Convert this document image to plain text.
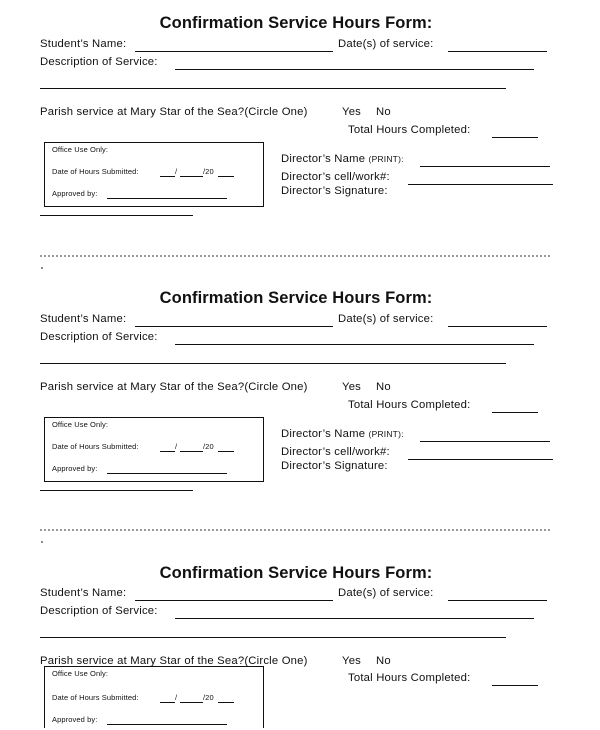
Confirmation Service Hours Form:
Student’s Name:	Date(s) of service:
Description of Service:
Parish service at Mary Star of the Sea?(Circle One)	Yes No
Total Hours Completed:
Office Use Only:
Date of Hours Submitted:	/	/20
Approved by:
Director’s Name (PRINT):
Director’s cell/work#:
Director’s Signature:
Confirmation Service Hours Form:
Student’s Name:	Date(s) of service:
Description of Service:
Parish service at Mary Star of the Sea?(Circle One)	Yes No
Total Hours Completed:
Office Use Only:
Date of Hours Submitted:	/	/20
Approved by:
Director’s Name (PRINT):
Director’s cell/work#:
Director’s Signature:
Confirmation Service Hours Form:
Student’s Name:	Date(s) of service:
Description of Service:
Parish service at Mary Star of the Sea?(Circle One)	Yes No
Total Hours Completed:
Office Use Only:
Date of Hours Submitted:	/	/20
Approved by:
